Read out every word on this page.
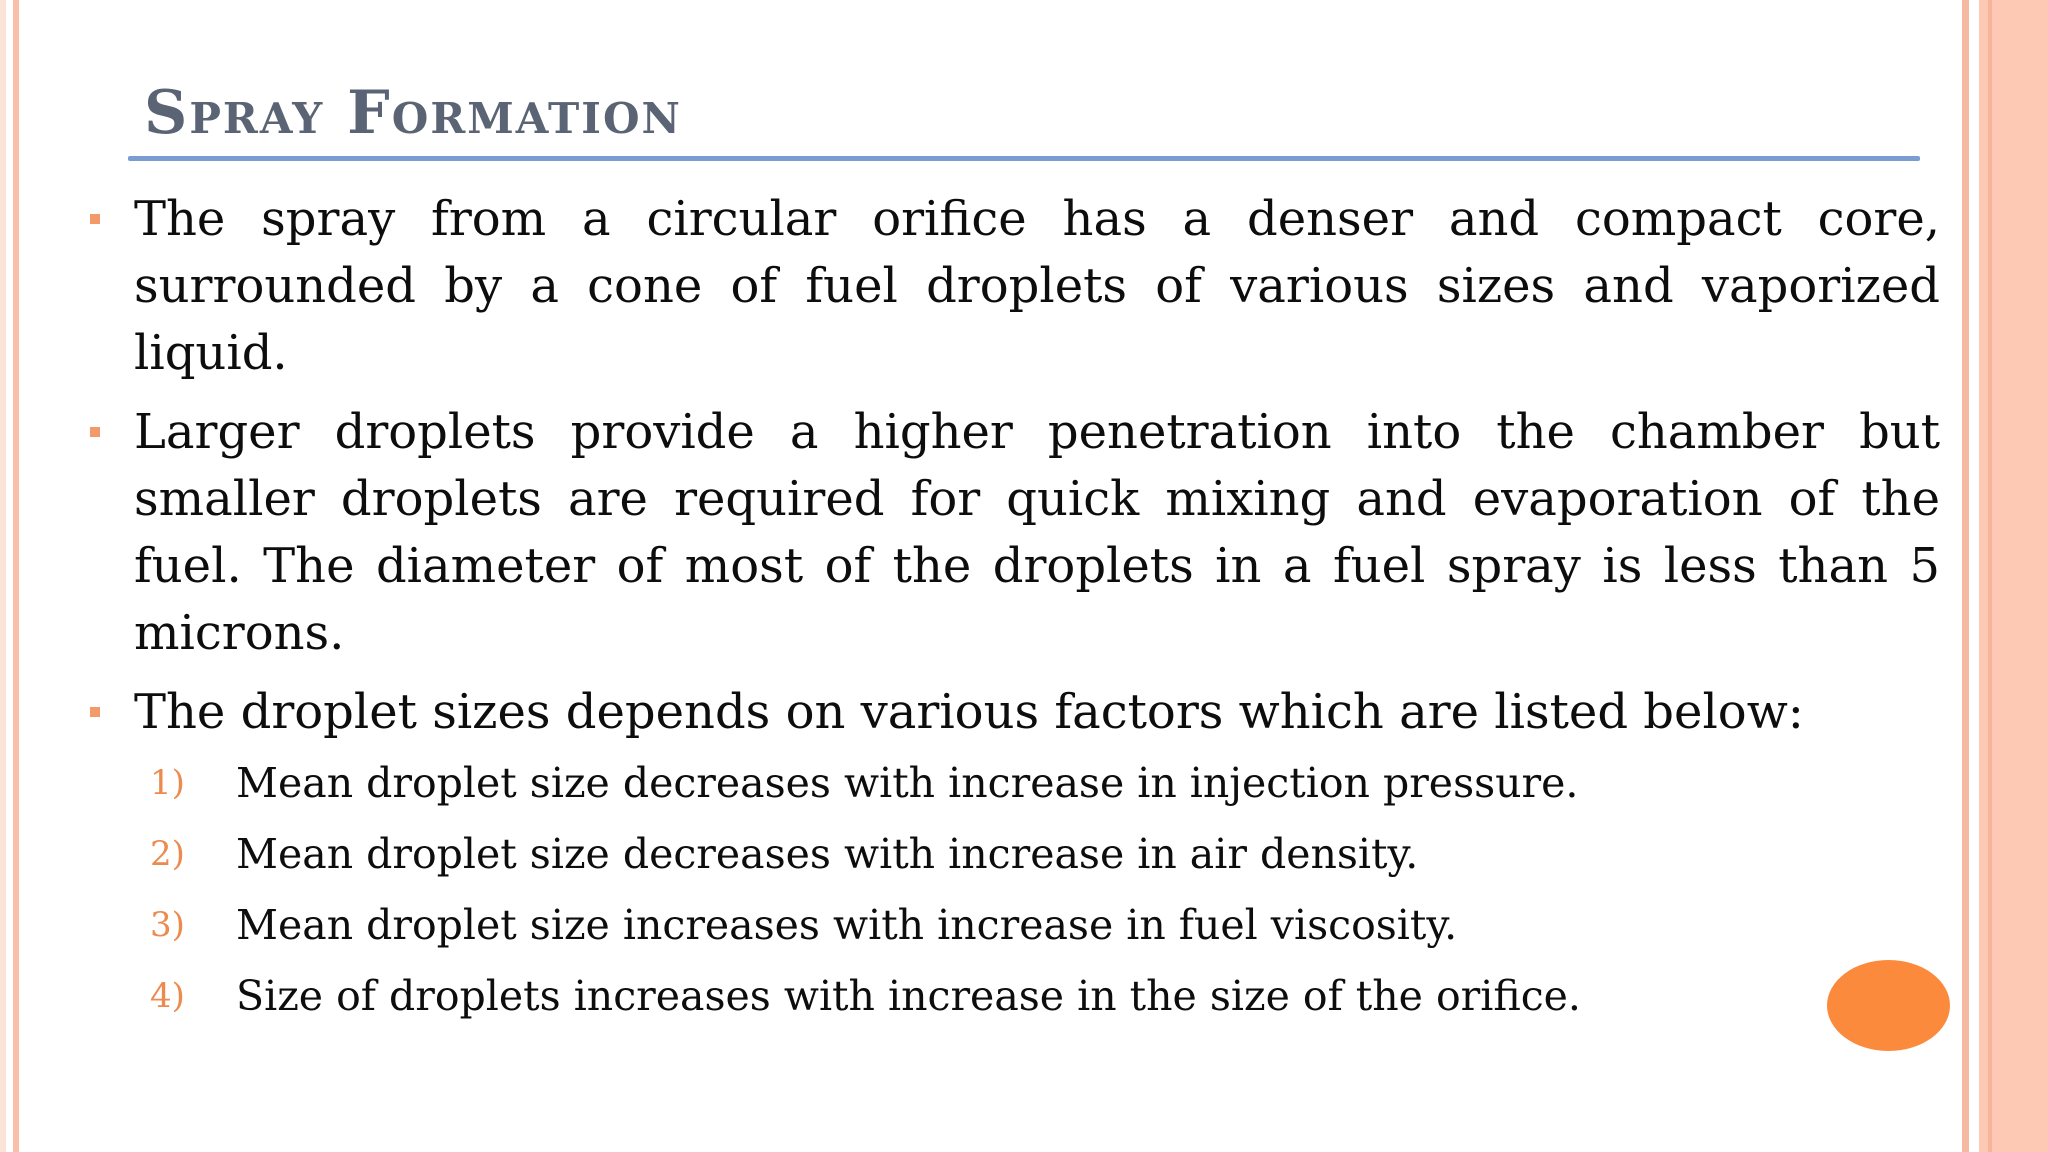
Spray Formation
The spray from a circular orifice has a denser and compact core, surrounded by a cone of fuel droplets of various sizes and vaporized liquid.
Larger droplets provide a higher penetration into the chamber but smaller droplets are required for quick mixing and evaporation of the fuel. The diameter of most of the droplets in a fuel spray is less than 5 microns.
The droplet sizes depends on various factors which are listed below:
1) Mean droplet size decreases with increase in injection pressure.
2) Mean droplet size decreases with increase in air density.
3) Mean droplet size increases with increase in fuel viscosity.
4) Size of droplets increases with increase in the size of the orifice.
